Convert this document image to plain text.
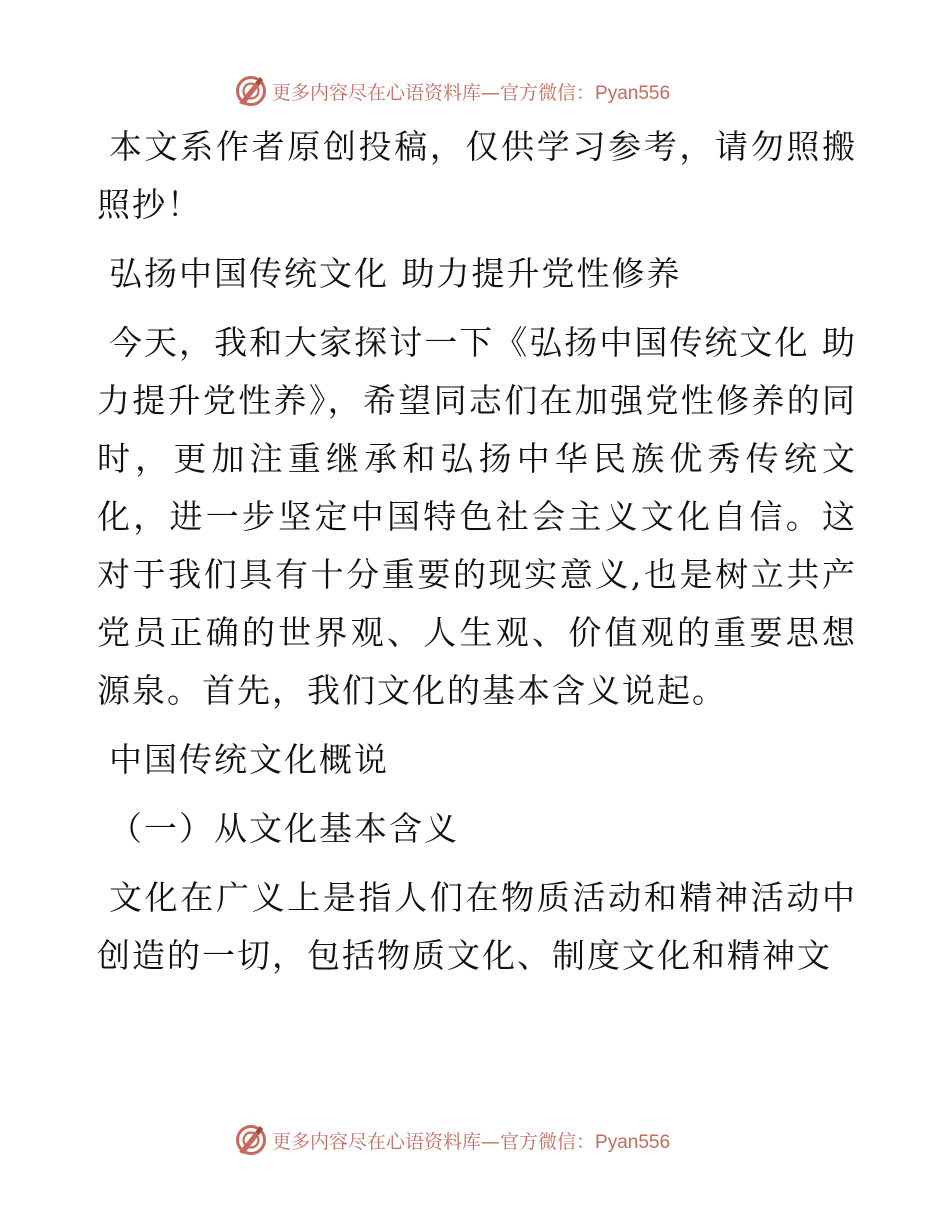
更多内容尽在心语资料库—官方微信：Pyan556

本文系作者原创投稿，仅供学习参考，请勿照搬照抄！

弘扬中国传统文化 助力提升党性修养

今天，我和大家探讨一下《弘扬中国传统文化 助力提升党性养》，希望同志们在加强党性修养的同时，更加注重继承和弘扬中华民族优秀传统文化，进一步坚定中国特色社会主义文化自信。这对于我们具有十分重要的现实意义,也是树立共产党员正确的世界观、人生观、价值观的重要思想源泉。首先，我们文化的基本含义说起。

中国传统文化概说

（一）从文化基本含义

文化在广义上是指人们在物质活动和精神活动中创造的一切，包括物质文化、制度文化和精神文

更多内容尽在心语资料库—官方微信：Pyan556
